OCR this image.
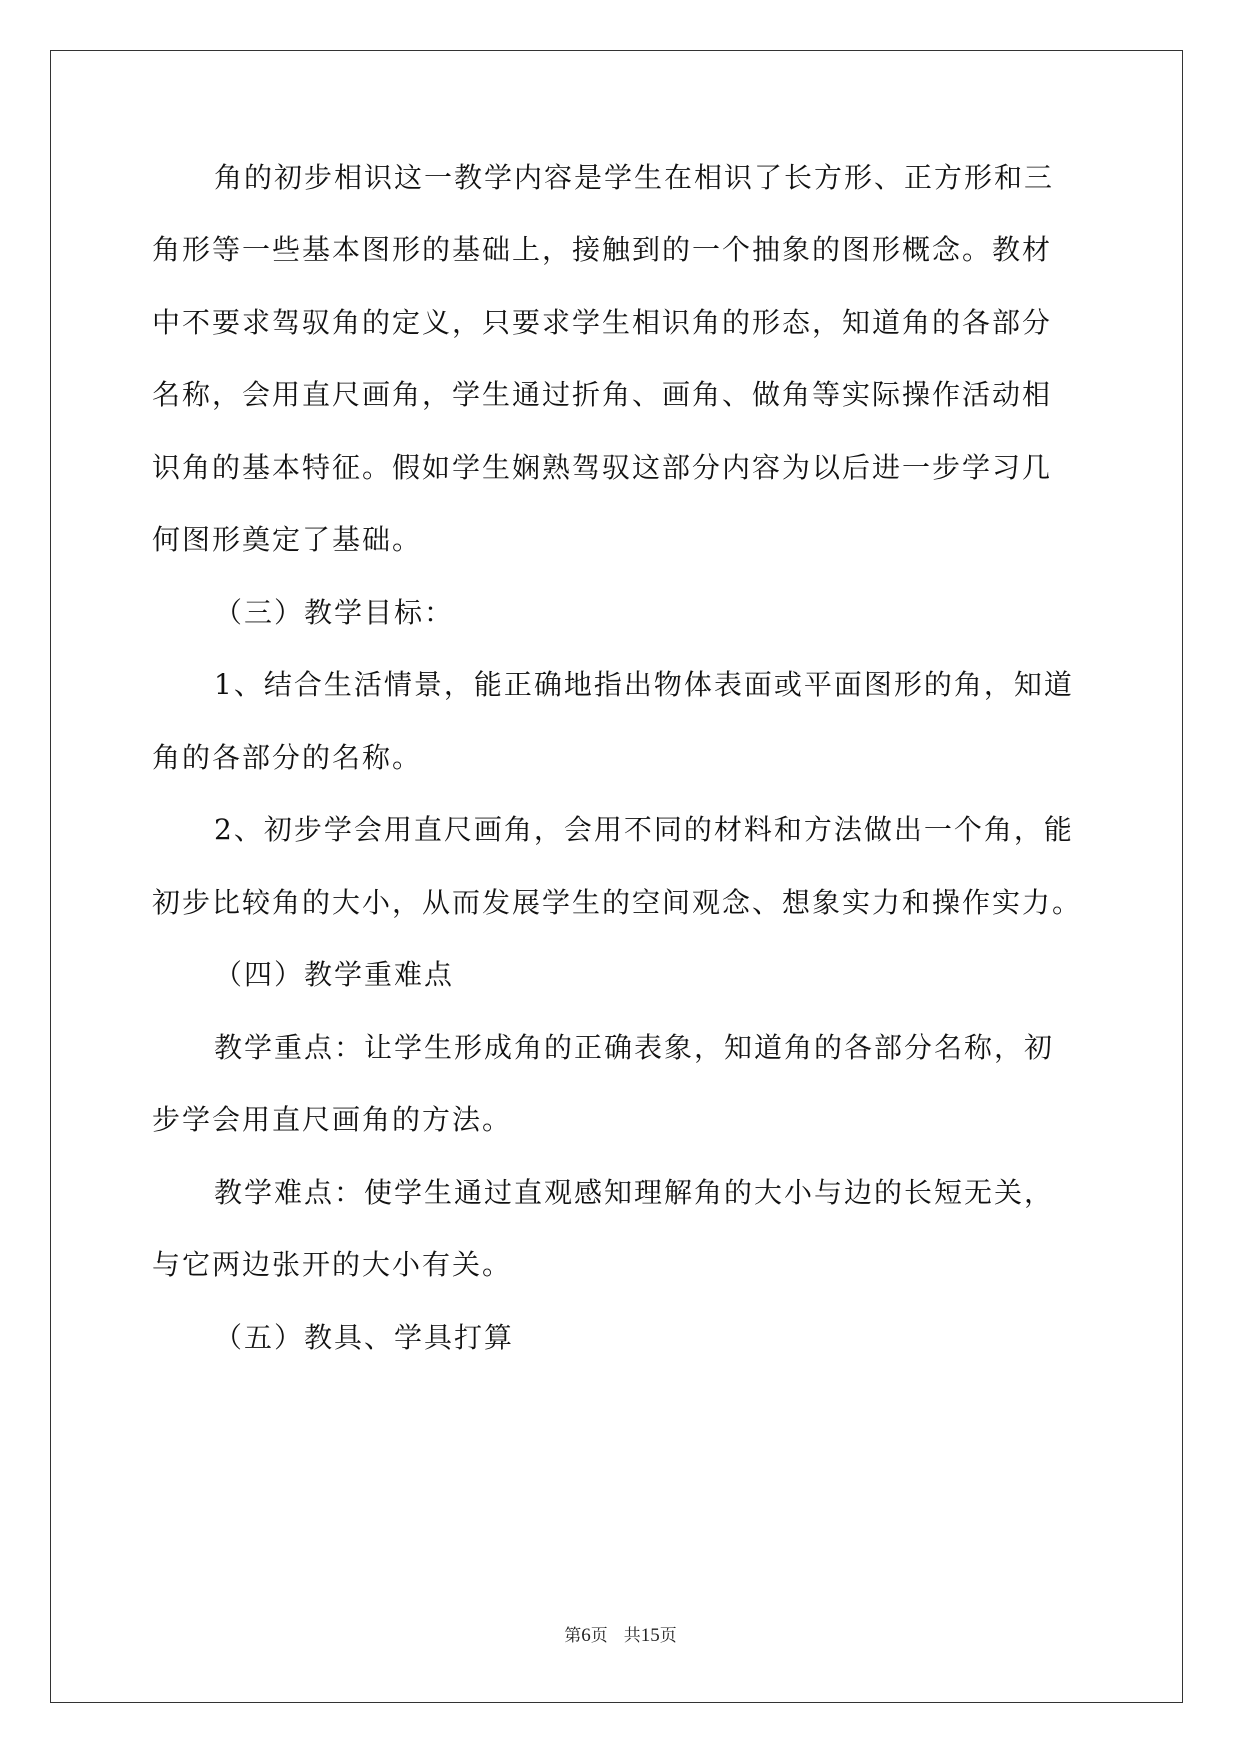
角的初步相识这一教学内容是学生在相识了长方形、正方形和三
角形等一些基本图形的基础上，接触到的一个抽象的图形概念。教材
中不要求驾驭角的定义，只要求学生相识角的形态，知道角的各部分
名称，会用直尺画角，学生通过折角、画角、做角等实际操作活动相
识角的基本特征。假如学生娴熟驾驭这部分内容为以后进一步学习几
何图形奠定了基础。
（三）教学目标：
1、结合生活情景，能正确地指出物体表面或平面图形的角，知道
角的各部分的名称。
2、初步学会用直尺画角，会用不同的材料和方法做出一个角，能
初步比较角的大小，从而发展学生的空间观念、想象实力和操作实力。
（四）教学重难点
教学重点：让学生形成角的正确表象，知道角的各部分名称，初
步学会用直尺画角的方法。
教学难点：使学生通过直观感知理解角的大小与边的长短无关，
与它两边张开的大小有关。
（五）教具、学具打算
第6页 共15页
